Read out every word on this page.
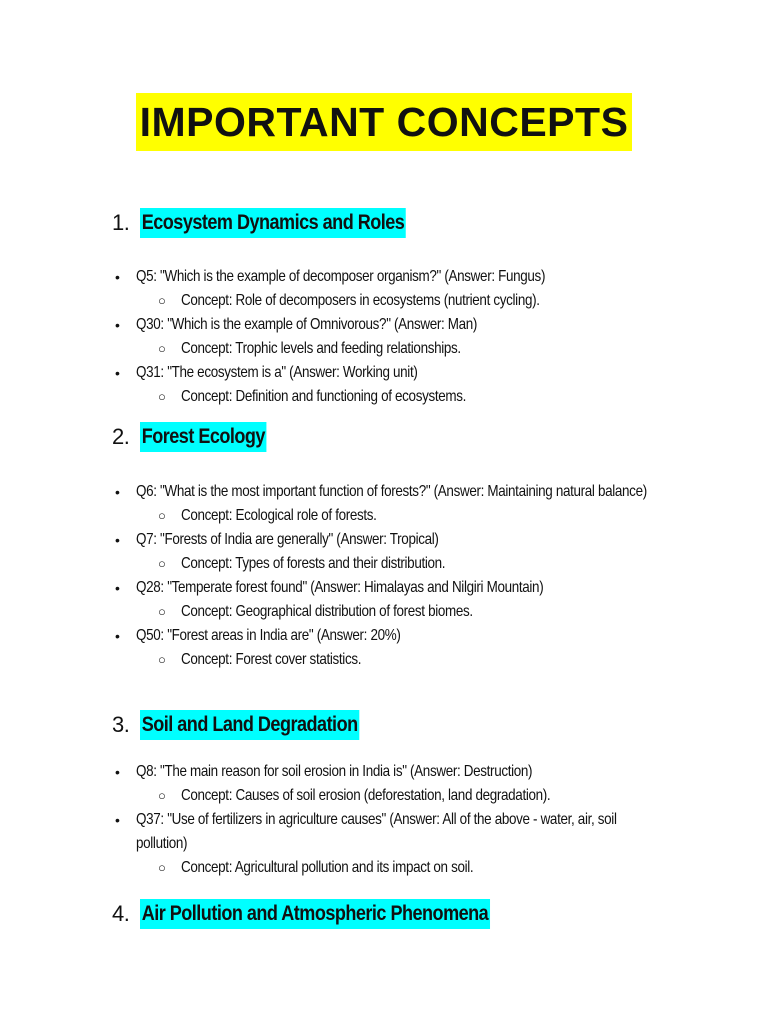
IMPORTANT CONCEPTS
1. Ecosystem Dynamics and Roles
• Q5: "Which is the example of decomposer organism?" (Answer: Fungus)
○ Concept: Role of decomposers in ecosystems (nutrient cycling).
• Q30: "Which is the example of Omnivorous?" (Answer: Man)
○ Concept: Trophic levels and feeding relationships.
• Q31: "The ecosystem is a" (Answer: Working unit)
○ Concept: Definition and functioning of ecosystems.
2. Forest Ecology
• Q6: "What is the most important function of forests?" (Answer: Maintaining natural balance)
○ Concept: Ecological role of forests.
• Q7: "Forests of India are generally" (Answer: Tropical)
○ Concept: Types of forests and their distribution.
• Q28: "Temperate forest found" (Answer: Himalayas and Nilgiri Mountain)
○ Concept: Geographical distribution of forest biomes.
• Q50: "Forest areas in India are" (Answer: 20%)
○ Concept: Forest cover statistics.
3. Soil and Land Degradation
• Q8: "The main reason for soil erosion in India is" (Answer: Destruction)
○ Concept: Causes of soil erosion (deforestation, land degradation).
• Q37: "Use of fertilizers in agriculture causes" (Answer: All of the above - water, air, soil pollution)
○ Concept: Agricultural pollution and its impact on soil.
4. Air Pollution and Atmospheric Phenomena
